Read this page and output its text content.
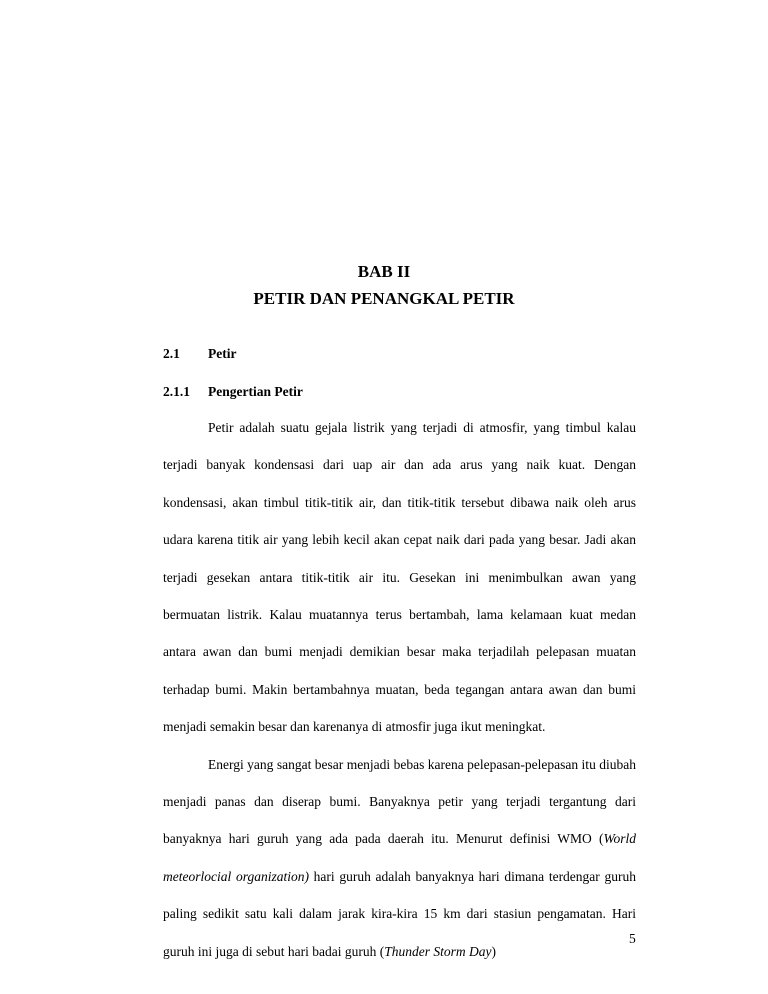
BAB II
PETIR DAN PENANGKAL PETIR
2.1 Petir
2.1.1 Pengertian Petir

Petir adalah suatu gejala listrik yang terjadi di atmosfir, yang timbul kalau terjadi banyak kondensasi dari uap air dan ada arus yang naik kuat. Dengan kondensasi, akan timbul titik-titik air, dan titik-titik tersebut dibawa naik oleh arus udara karena titik air yang lebih kecil akan cepat naik dari pada yang besar. Jadi akan terjadi gesekan antara titik-titik air itu. Gesekan ini menimbulkan awan yang bermuatan listrik. Kalau muatannya terus bertambah, lama kelamaan kuat medan antara awan dan bumi menjadi demikian besar maka terjadilah pelepasan muatan terhadap bumi. Makin bertambahnya muatan, beda tegangan antara awan dan bumi menjadi semakin besar dan karenanya di atmosfir juga ikut meningkat.

Energi yang sangat besar menjadi bebas karena pelepasan-pelepasan itu diubah menjadi panas dan diserap bumi. Banyaknya petir yang terjadi tergantung dari banyaknya hari guruh yang ada pada daerah itu. Menurut definisi WMO (World meteorlocial organization) hari guruh adalah banyaknya hari dimana terdengar guruh paling sedikit satu kali dalam jarak kira-kira 15 km dari stasiun pengamatan. Hari guruh ini juga di sebut hari badai guruh (Thunder Storm Day)

5
